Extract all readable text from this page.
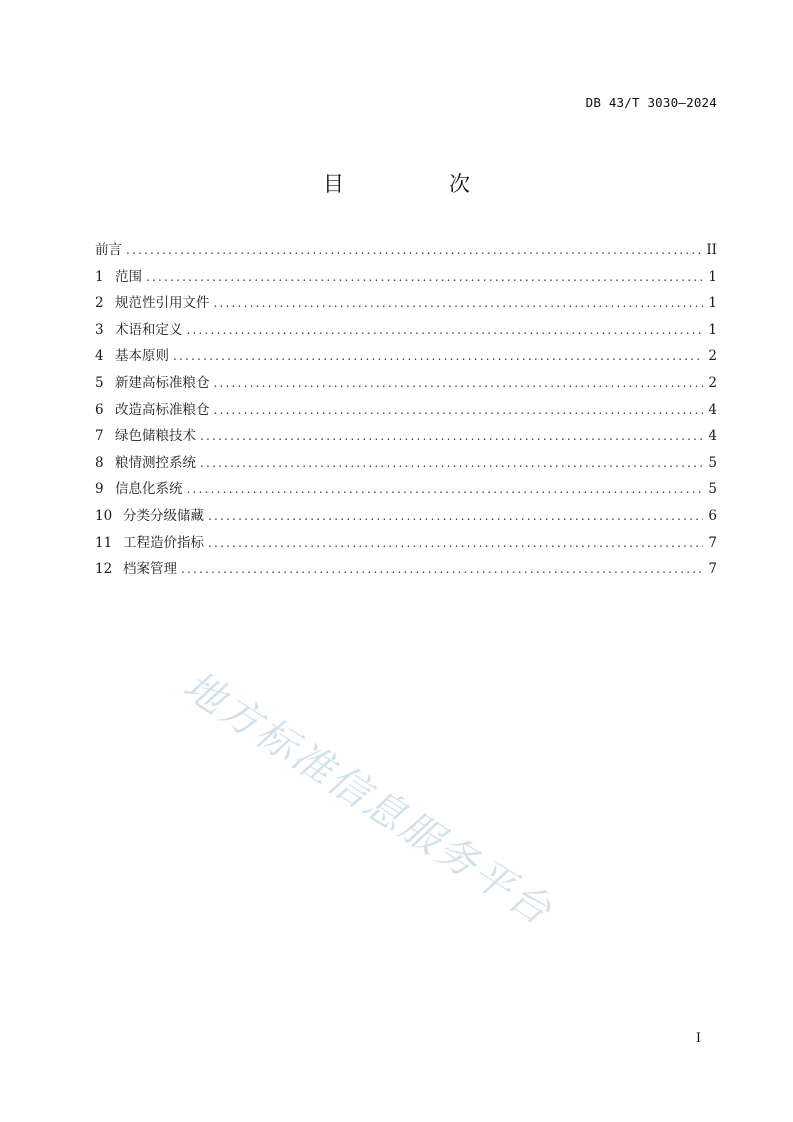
DB 43/T 3030—2024
目　次
前言 .....	II
1 范围 .....	1
2 规范性引用文件 .....	1
3 术语和定义 .....	1
4 基本原则 .....	2
5 新建高标准粮仓 .....	2
6 改造高标准粮仓 .....	4
7 绿色储粮技术 .....	4
8 粮情测控系统 .....	5
9 信息化系统 .....	5
10 分类分级储藏 .....	6
11 工程造价指标 .....	7
12 档案管理 .....	7
地方标准信息服务平台
I
